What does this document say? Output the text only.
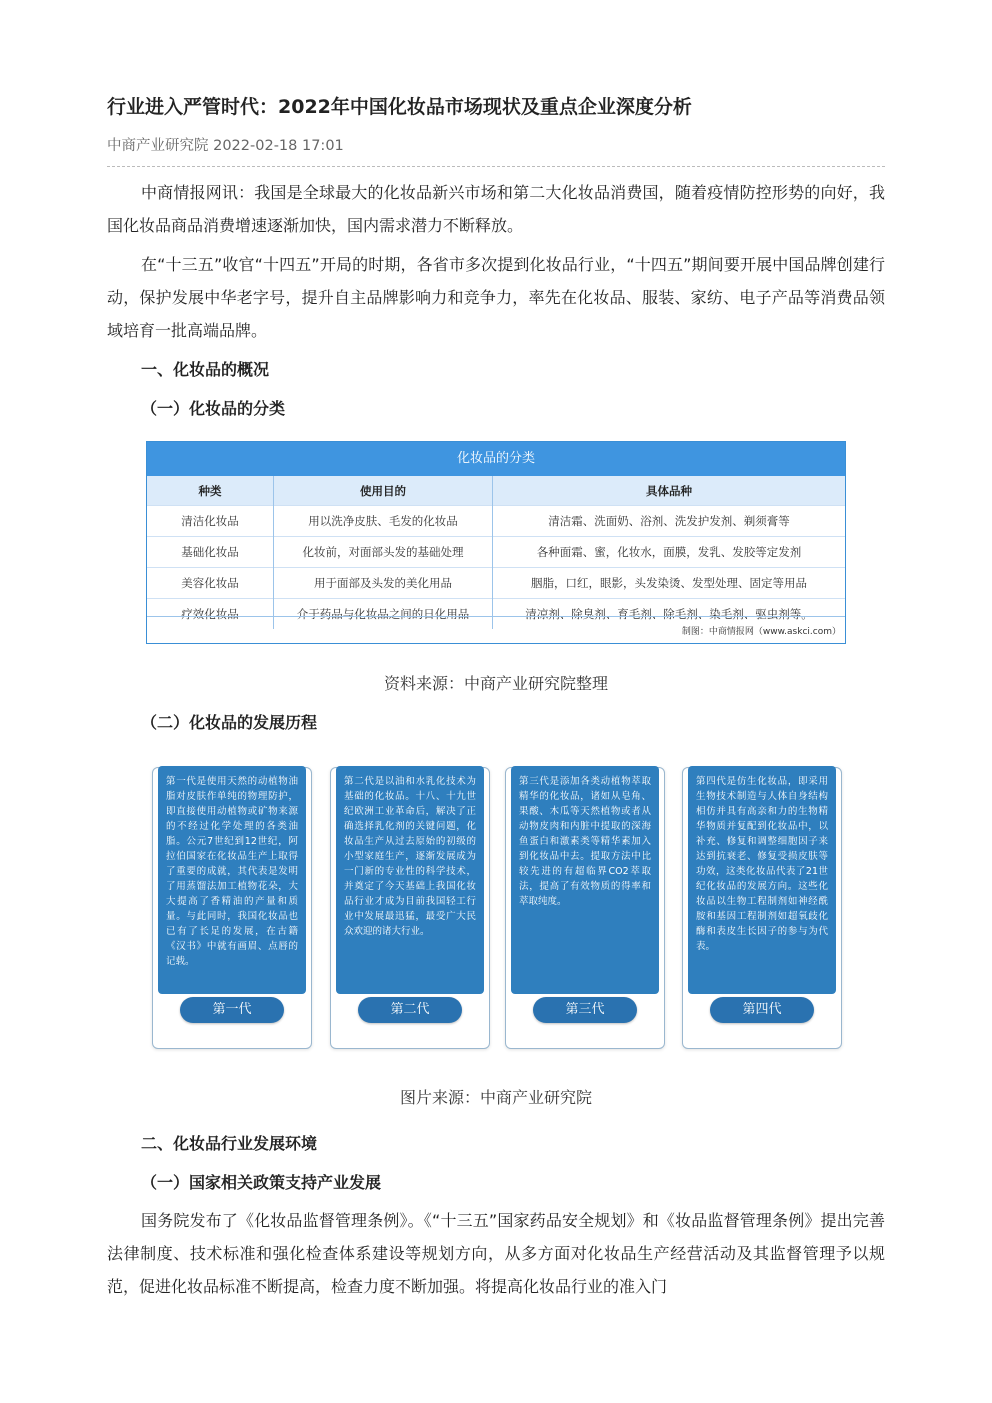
行业进入严管时代：2022年中国化妆品市场现状及重点企业深度分析
中商产业研究院 2022-02-18 17:01
中商情报网讯：我国是全球最大的化妆品新兴市场和第二大化妆品消费国，随着疫情防控形势的向好，我国化妆品商品消费增速逐渐加快，国内需求潜力不断释放。
在“十三五”收官“十四五”开局的时期，各省市多次提到化妆品行业，“十四五”期间要开展中国品牌创建行动，保护发展中华老字号，提升自主品牌影响力和竞争力，率先在化妆品、服装、家纺、电子产品等消费品领域培育一批高端品牌。
一、化妆品的概况
（一）化妆品的分类
资料来源：中商产业研究院整理
（二）化妆品的发展历程
图片来源：中商产业研究院
二、化妆品行业发展环境
（一）国家相关政策支持产业发展
国务院发布了《化妆品监督管理条例》。《“十三五”国家药品安全规划》和《妆品监督管理条例》提出完善法律制度、技术标准和强化检查体系建设等规划方向，从多方面对化妆品生产经营活动及其监督管理予以规范，促进化妆品标准不断提高，检查力度不断加强。将提高化妆品行业的准入门
化妆品的分类
种类	使用目的	具体品种
清洁化妆品	用以洗净皮肤、毛发的化妆品	清洁霜、洗面奶、浴剂、洗发护发剂、剃须膏等
基础化妆品	化妆前，对面部头发的基础处理	各种面霜、蜜，化妆水，面膜，发乳、发胶等定发剂
美容化妆品	用于面部及头发的美化用品	胭脂，口红，眼影，头发染烫、发型处理、固定等用品
疗效化妆品	介于药品与化妆品之间的日化用品	清凉剂、除臭剂、育毛剂、除毛剂、染毛剂、驱虫剂等。
制图：中商情报网（www.askci.com）
第一代是使用天然的动植物油脂对皮肤作单纯的物理防护，即直接使用动植物或矿物来源的不经过化学处理的各类油脂。公元7世纪到12世纪，阿拉伯国家在化妆品生产上取得了重要的成就，其代表是发明了用蒸馏法加工植物花朵，大大提高了香精油的产量和质量。与此同时，我国化妆品也已有了长足的发展，在古籍《汉书》中就有画眉、点唇的记载。
第一代
第二代是以油和水乳化技术为基础的化妆品。十八、十九世纪欧洲工业革命后，解决了正确选择乳化剂的关键问题，化妆品生产从过去原始的初级的小型家庭生产，逐渐发展成为一门新的专业性的科学技术，并奠定了今天基础上我国化妆品行业才成为目前我国轻工行业中发展最迅猛，最受广大民众欢迎的诸大行业。
第二代
第三代是添加各类动植物萃取精华的化妆品，诸如从皂角、果酸、木瓜等天然植物或者从动物皮肉和内脏中提取的深海鱼蛋白和激素类等精华素加入到化妆品中去。提取方法中比较先进的有超临界CO2萃取法，提高了有效物质的得率和萃取纯度。
第三代
第四代是仿生化妆品，即采用生物技术制造与人体自身结构相仿并具有高亲和力的生物精华物质并复配到化妆品中，以补充、修复和调整细胞因子来达到抗衰老、修复受损皮肤等功效，这类化妆品代表了21世纪化妆品的发展方向。这些化妆品以生物工程制剂如神经酰胺和基因工程制剂如超氧歧化酶和表皮生长因子的参与为代表。
第四代
